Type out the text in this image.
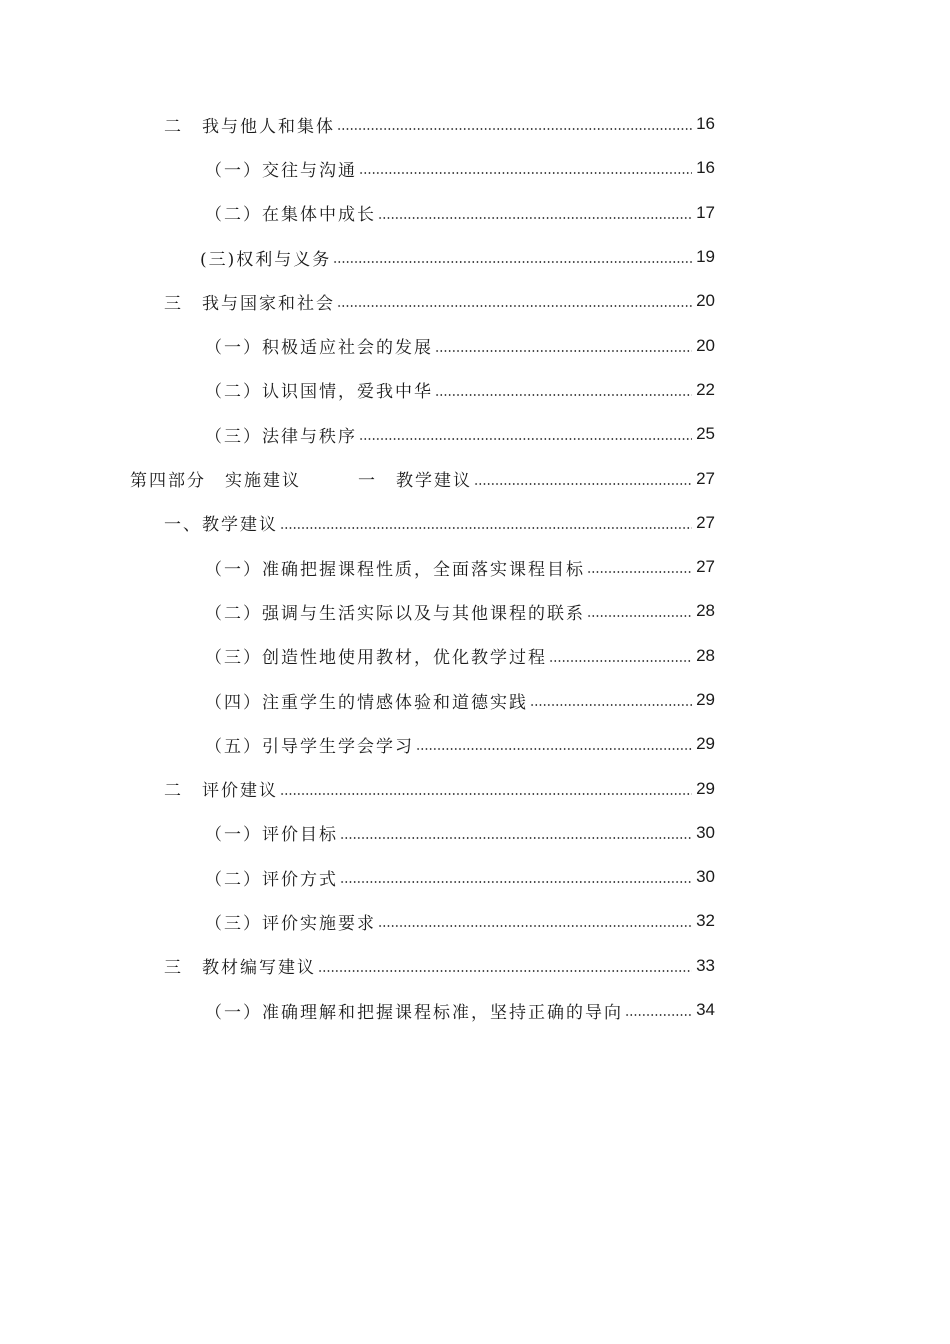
二　我与他人和集体	16
（一）交往与沟通	16
（二）在集体中成长	17
(三)权利与义务	19
三　我与国家和社会	20
（一）积极适应社会的发展	20
（二）认识国情，爱我中华	22
（三）法律与秩序	25
第四部分　实施建议　　　一　教学建议	27
一、教学建议	27
（一）准确把握课程性质，全面落实课程目标	27
（二）强调与生活实际以及与其他课程的联系	28
（三）创造性地使用教材，优化教学过程	28
（四）注重学生的情感体验和道德实践	29
（五）引导学生学会学习	29
二　评价建议	29
（一）评价目标	30
（二）评价方式	30
（三）评价实施要求	32
三　教材编写建议	33
（一）准确理解和把握课程标准，坚持正确的导向	34
